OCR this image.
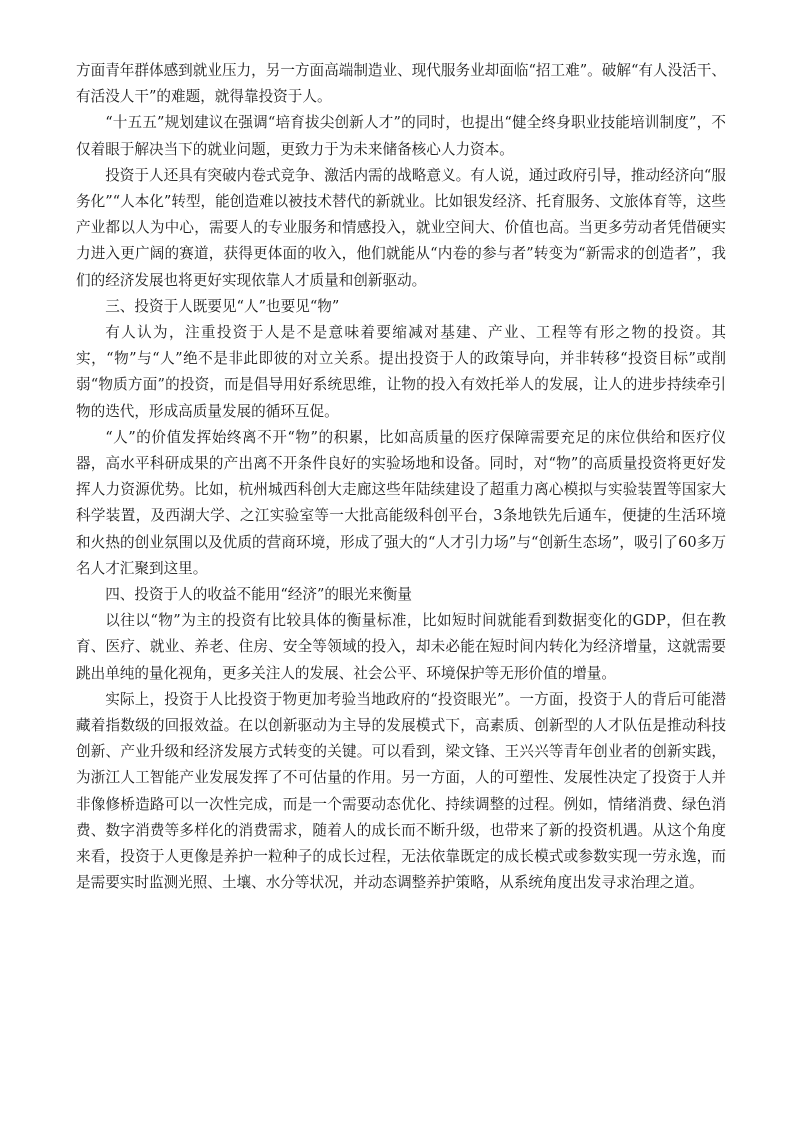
方面青年群体感到就业压力，另一方面高端制造业、现代服务业却面临“招工难”。破解“有人没活干、有活没人干”的难题，就得靠投资于人。

“十五五”规划建议在强调“培育拔尖创新人才”的同时，也提出“健全终身职业技能培训制度”，不仅着眼于解决当下的就业问题，更致力于为未来储备核心人力资本。

投资于人还具有突破内卷式竞争、激活内需的战略意义。有人说，通过政府引导，推动经济向“服务化”“人本化”转型，能创造难以被技术替代的新就业。比如银发经济、托育服务、文旅体育等，这些产业都以人为中心，需要人的专业服务和情感投入，就业空间大、价值也高。当更多劳动者凭借硬实力进入更广阔的赛道，获得更体面的收入，他们就能从“内卷的参与者”转变为“新需求的创造者”，我们的经济发展也将更好实现依靠人才质量和创新驱动。

三、投资于人既要见“人”也要见“物”

有人认为，注重投资于人是不是意味着要缩减对基建、产业、工程等有形之物的投资。其实，“物”与“人”绝不是非此即彼的对立关系。提出投资于人的政策导向，并非转移“投资目标”或削弱“物质方面”的投资，而是倡导用好系统思维，让物的投入有效托举人的发展，让人的进步持续牵引物的迭代，形成高质量发展的循环互促。

“人”的价值发挥始终离不开“物”的积累，比如高质量的医疗保障需要充足的床位供给和医疗仪器，高水平科研成果的产出离不开条件良好的实验场地和设备。同时，对“物”的高质量投资将更好发挥人力资源优势。比如，杭州城西科创大走廊这些年陆续建设了超重力离心模拟与实验装置等国家大科学装置，及西湖大学、之江实验室等一大批高能级科创平台，3条地铁先后通车，便捷的生活环境和火热的创业氛围以及优质的营商环境，形成了强大的“人才引力场”与“创新生态场”，吸引了60多万名人才汇聚到这里。

四、投资于人的收益不能用“经济”的眼光来衡量

以往以“物”为主的投资有比较具体的衡量标准，比如短时间就能看到数据变化的GDP，但在教育、医疗、就业、养老、住房、安全等领域的投入，却未必能在短时间内转化为经济增量，这就需要跳出单纯的量化视角，更多关注人的发展、社会公平、环境保护等无形价值的增量。

实际上，投资于人比投资于物更加考验当地政府的“投资眼光”。一方面，投资于人的背后可能潜藏着指数级的回报效益。在以创新驱动为主导的发展模式下，高素质、创新型的人才队伍是推动科技创新、产业升级和经济发展方式转变的关键。可以看到，梁文锋、王兴兴等青年创业者的创新实践，为浙江人工智能产业发展发挥了不可估量的作用。另一方面，人的可塑性、发展性决定了投资于人并非像修桥造路可以一次性完成，而是一个需要动态优化、持续调整的过程。例如，情绪消费、绿色消费、数字消费等多样化的消费需求，随着人的成长而不断升级，也带来了新的投资机遇。从这个角度来看，投资于人更像是养护一粒种子的成长过程，无法依靠既定的成长模式或参数实现一劳永逸，而是需要实时监测光照、土壤、水分等状况，并动态调整养护策略，从系统角度出发寻求治理之道。
